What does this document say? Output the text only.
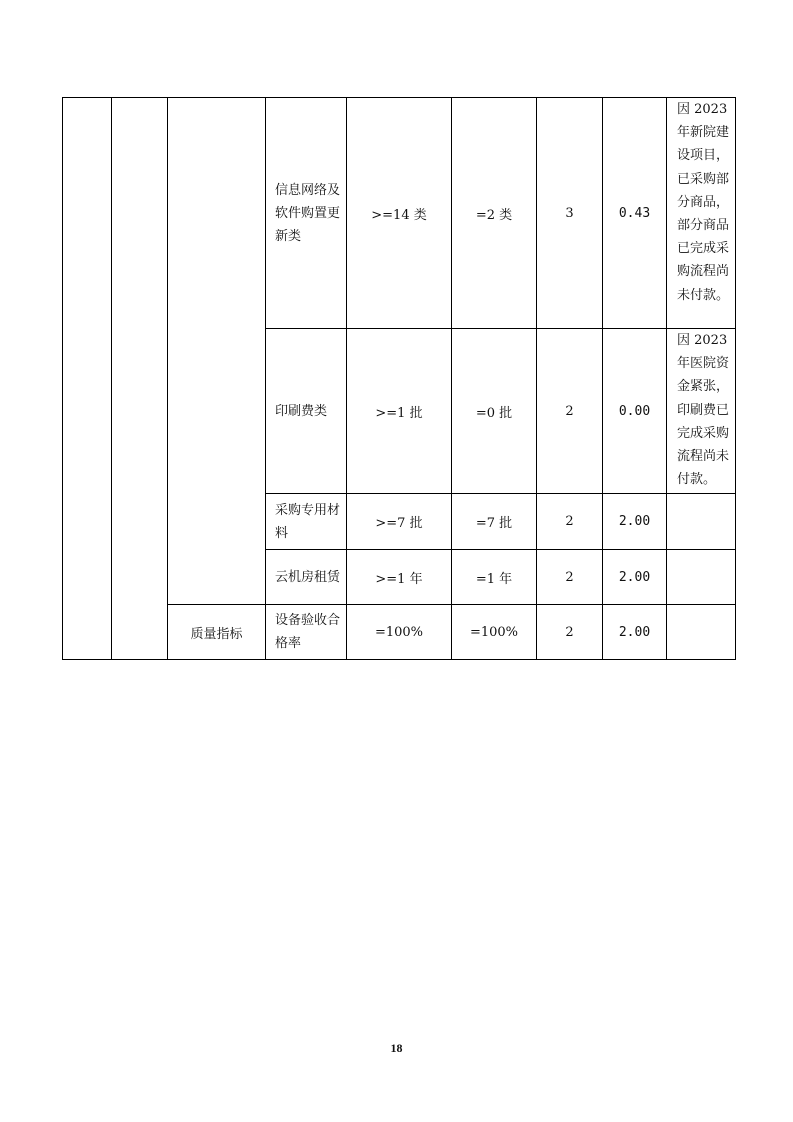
			信息网络及软件购置更新类	>=14 类	=2 类	3	0.43	因 2023 年新院建设项目，已采购部分商品，部分商品已完成采购流程尚未付款。
			印刷费类	>=1 批	=0 批	2	0.00	因 2023 年医院资金紧张，印刷费已完成采购流程尚未付款。
			采购专用材料	>=7 批	=7 批	2	2.00	
			云机房租赁	>=1 年	=1 年	2	2.00	
		质量指标	设备验收合格率	=100%	=100%	2	2.00	
18
